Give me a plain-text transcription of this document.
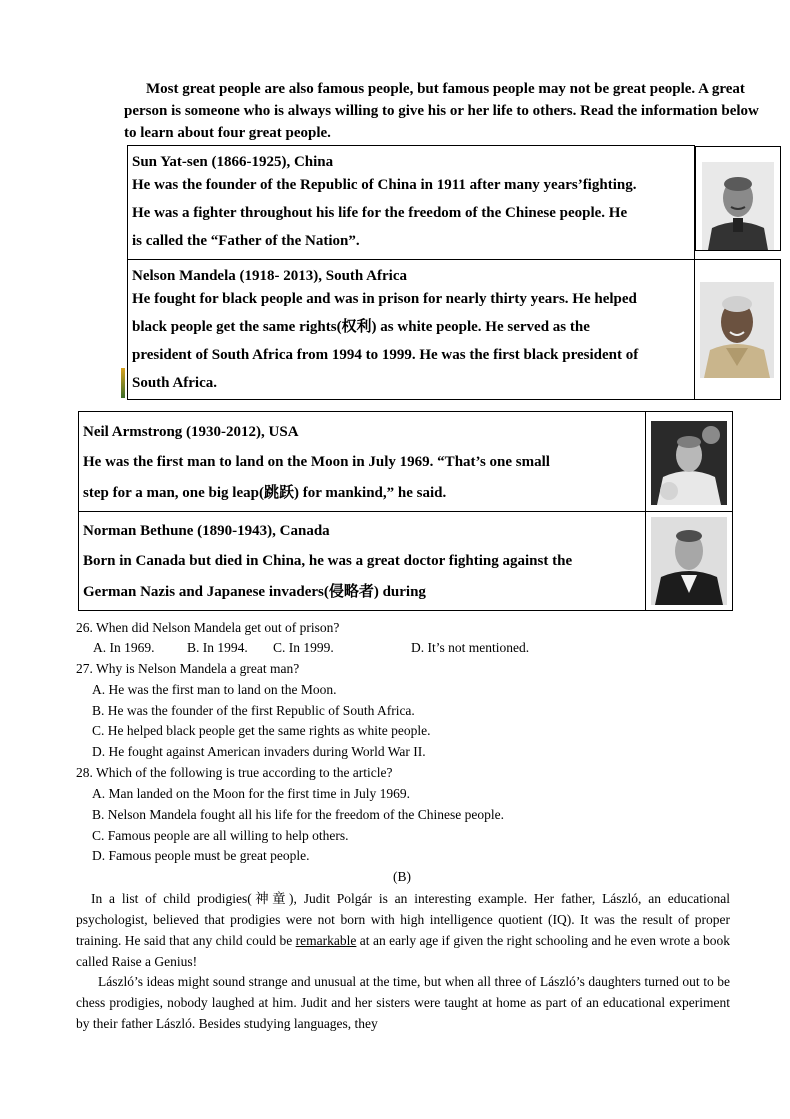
Most great people are also famous people, but famous people may not be great people. A great person is someone who is always willing to give his or her life to others. Read the information below to learn about four great people.
Sun Yat-sen (1866-1925), China
He was the founder of the Republic of China in 1911 after many years’fighting.
He was a fighter throughout his life for the freedom of the Chinese people. He
is called the “Father of the Nation”.

Nelson Mandela (1918- 2013), South Africa
He fought for black people and was in prison for nearly thirty years. He helped
black people get the same rights(权利) as white people. He served as the
president of South Africa from 1994 to 1999. He was the first black president of
South Africa.

Neil Armstrong (1930-2012), USA
He was the first man to land on the Moon in July 1969. “That’s one small
step for a man, one big leap(跳跃) for mankind,” he said.

Norman Bethune (1890-1943), Canada
Born in Canada but died in China, he was a great doctor fighting against the
German Nazis and Japanese invaders(侵略者) during

26. When did Nelson Mandela get out of prison?
A. In 1969. B. In 1994. C. In 1999.	D. It’s not mentioned.
27. Why is Nelson Mandela a great man?
A. He was the first man to land on the Moon.
B. He was the founder of the first Republic of South Africa.
C. He helped black people get the same rights as white people.
D. He fought against American invaders during World War II.
28. Which of the following is true according to the article?
A. Man landed on the Moon for the first time in July 1969.
B. Nelson Mandela fought all his life for the freedom of the Chinese people.
C. Famous people are all willing to help others.
D. Famous people must be great people.
(B)
In a list of child prodigies(神童), Judit Polgár is an interesting example. Her father, László, an educational psychologist, believed that prodigies were not born with high intelligence quotient (IQ). It was the result of proper training. He said that any child could be remarkable at an early age if given the right schooling and he even wrote a book called Raise a Genius!
László’s ideas might sound strange and unusual at the time, but when all three of László’s daughters turned out to be chess prodigies, nobody laughed at him. Judit and her sisters were taught at home as part of an educational experiment by their father László. Besides studying languages, they
